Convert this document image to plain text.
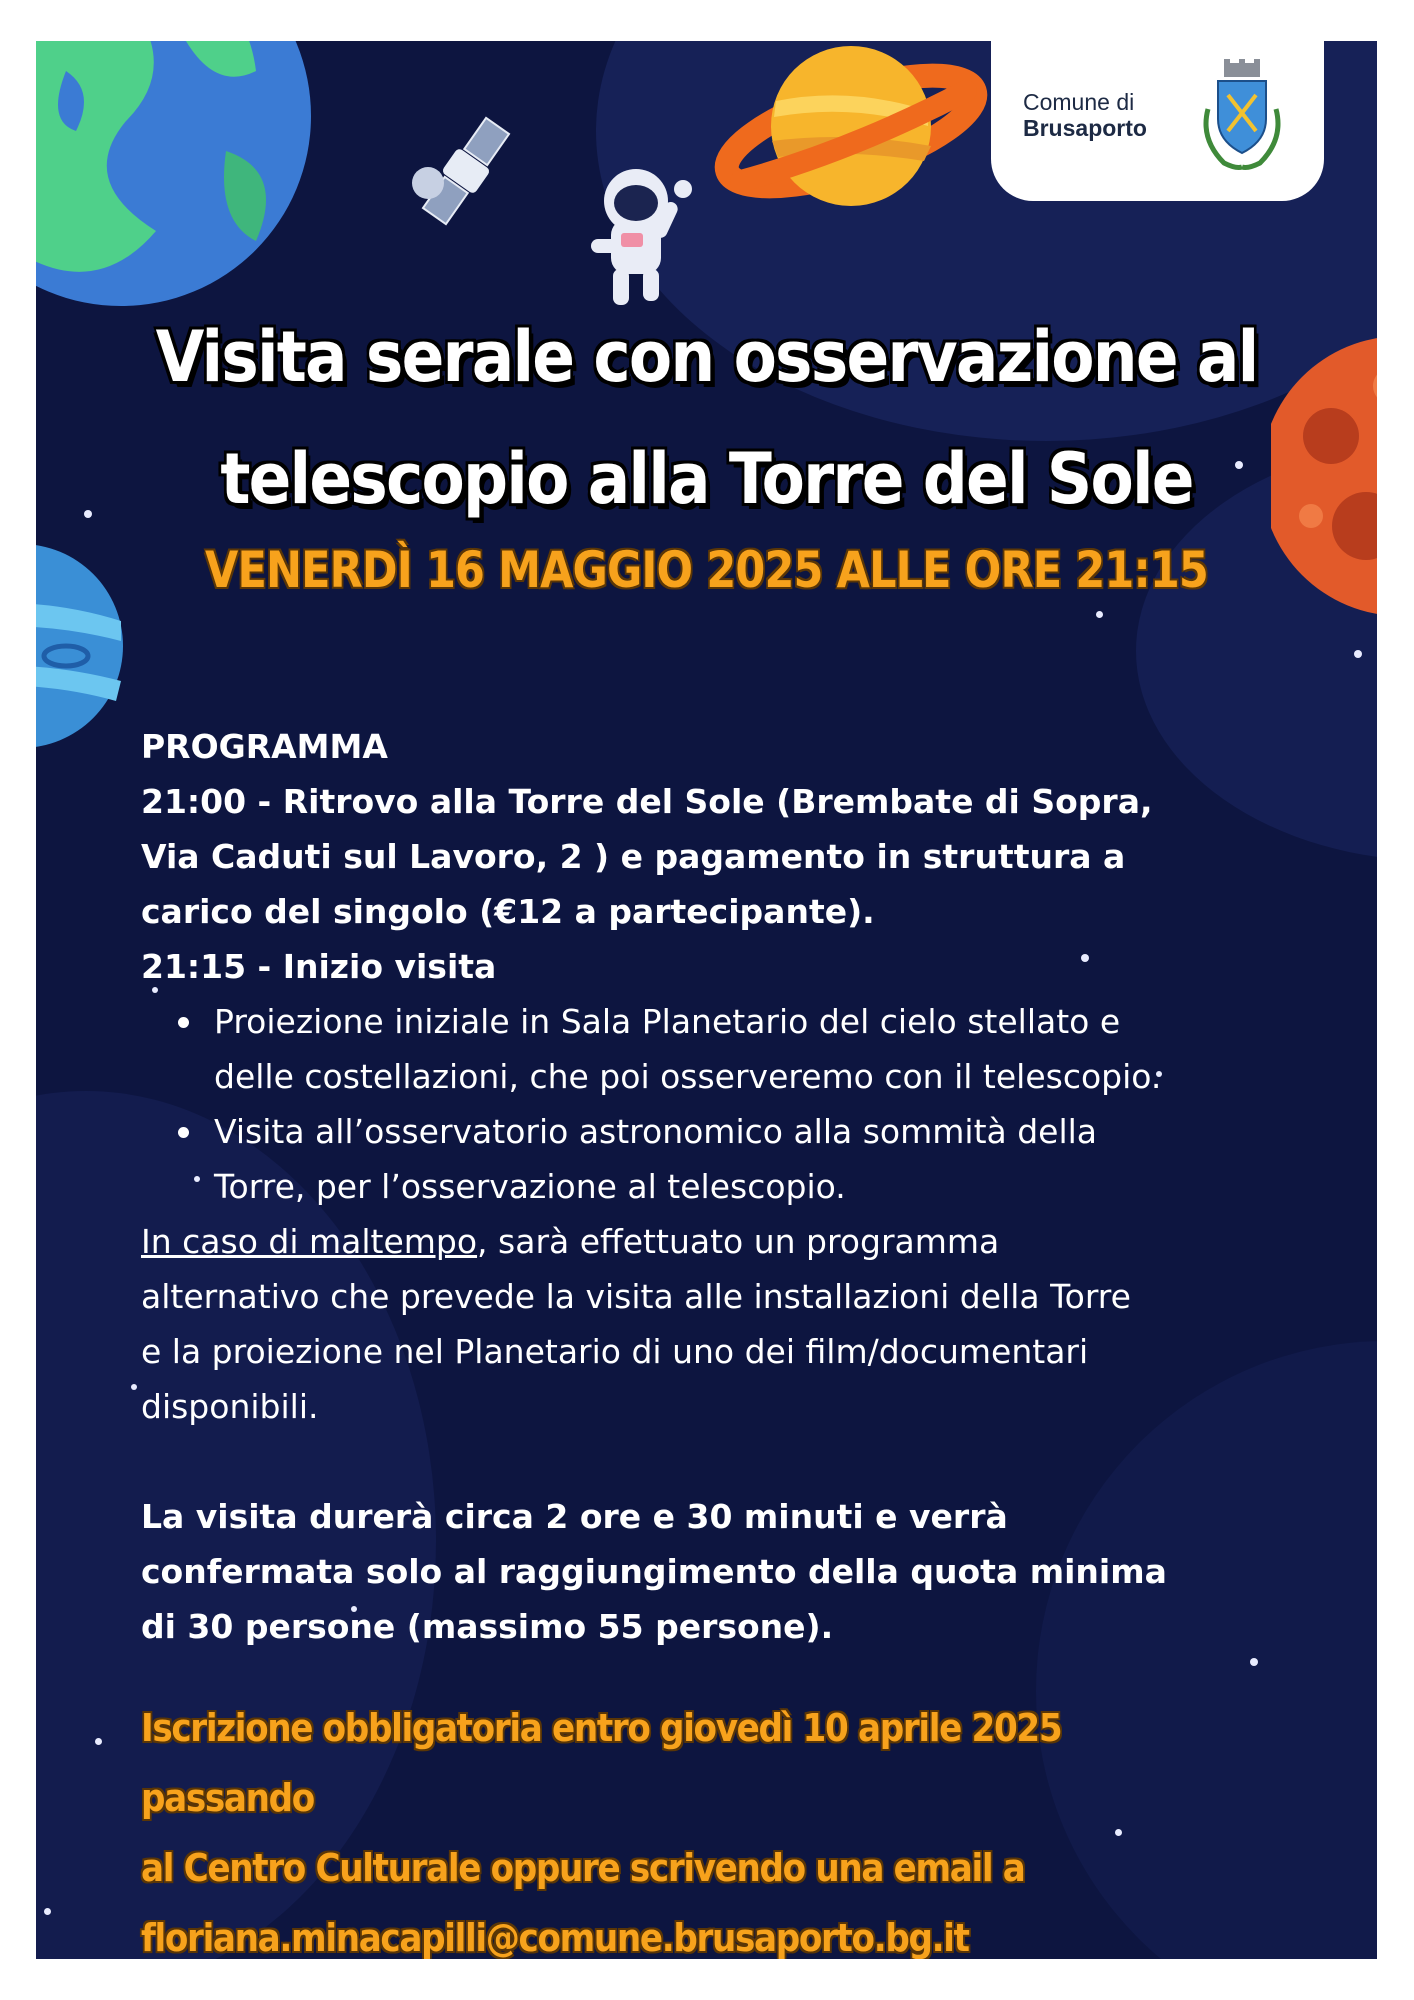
Comune di
Brusaporto
Visita serale con osservazione al
telescopio alla Torre del Sole
VENERDÌ 16 MAGGIO 2025 ALLE ORE 21:15
PROGRAMMA
21:00 - Ritrovo alla Torre del Sole (Brembate di Sopra,
Via Caduti sul Lavoro, 2 ) e pagamento in struttura a
carico del singolo (€12 a partecipante).
21:15 - Inizio visita
Proiezione iniziale in Sala Planetario del cielo stellato e
delle costellazioni, che poi osserveremo con il telescopio.
Visita all’osservatorio astronomico alla sommità della
Torre, per l’osservazione al telescopio.
In caso di maltempo, sarà effettuato un programma
alternativo che prevede la visita alle installazioni della Torre
e la proiezione nel Planetario di uno dei film/documentari
disponibili.
La visita durerà circa 2 ore e 30 minuti e verrà
confermata solo al raggiungimento della quota minima
di 30 persone (massimo 55 persone).
Iscrizione obbligatoria entro giovedì 10 aprile 2025 passando
al Centro Culturale oppure scrivendo una email a
floriana.minacapilli@comune.brusaporto.bg.it
